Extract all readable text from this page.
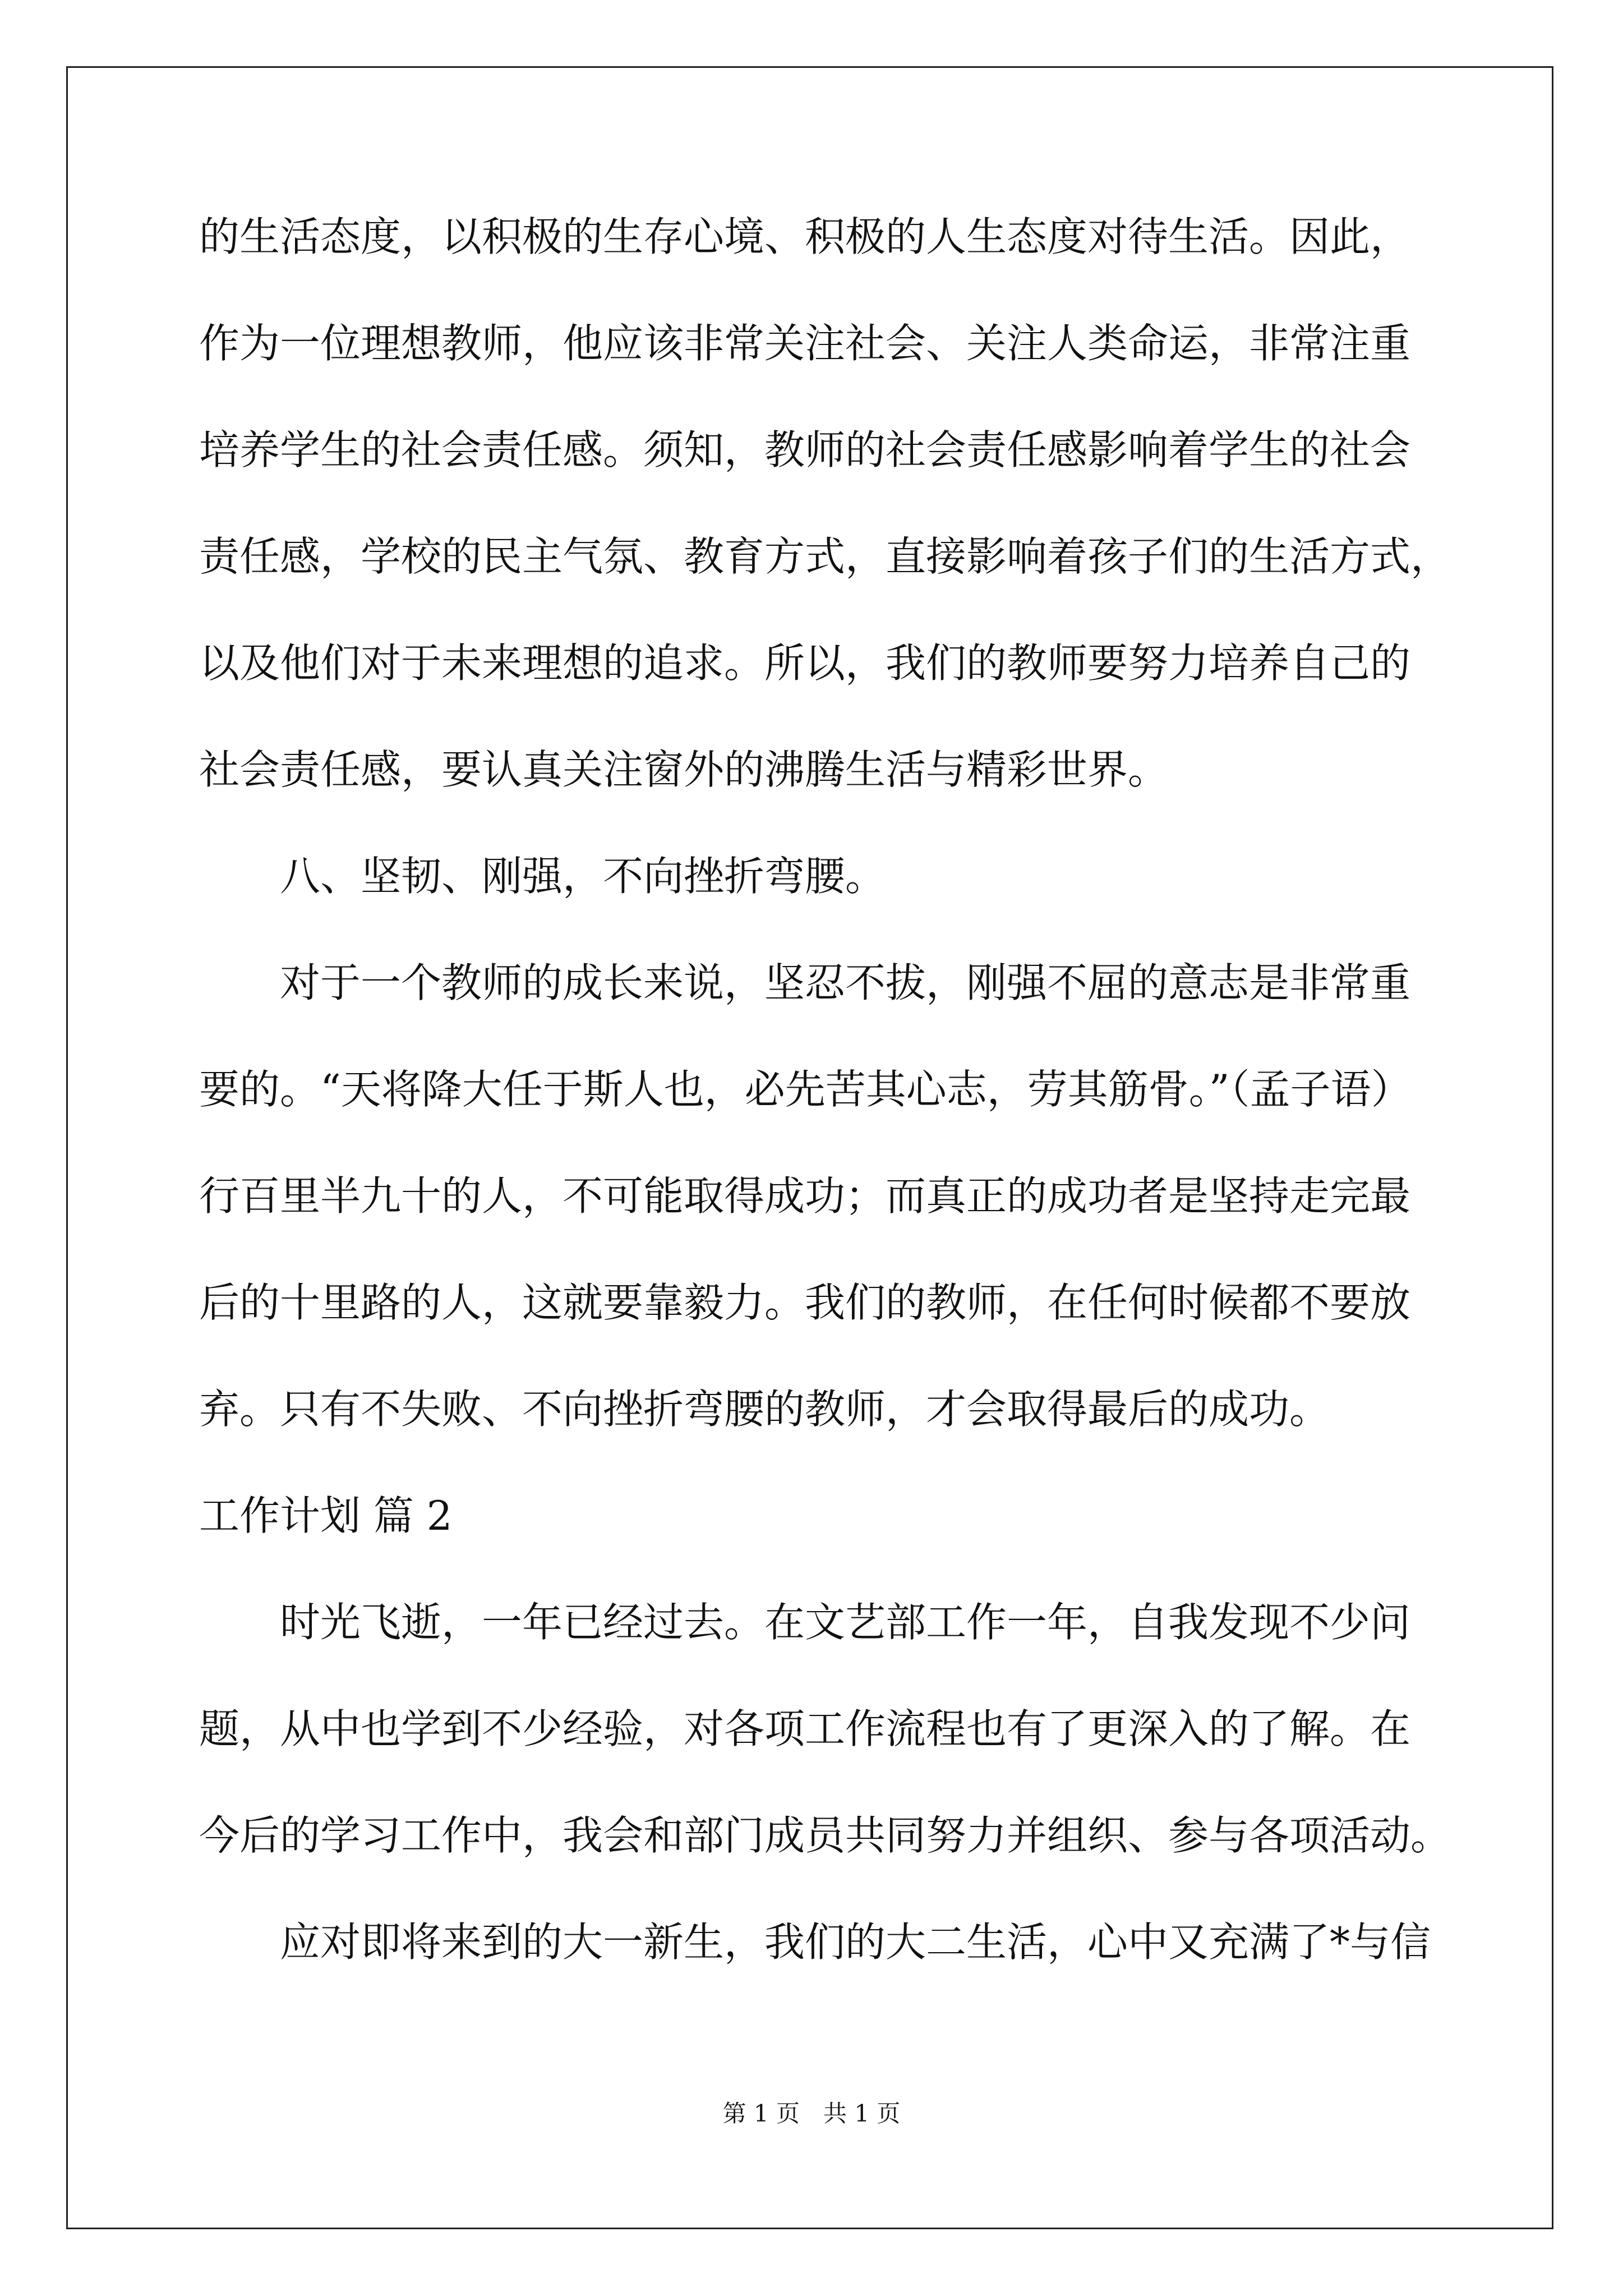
的生活态度，以积极的生存心境、积极的人生态度对待生活。因此，
作为一位理想教师，他应该非常关注社会、关注人类命运，非常注重
培养学生的社会责任感。须知，教师的社会责任感影响着学生的社会
责任感，学校的民主气氛、教育方式，直接影响着孩子们的生活方式，
以及他们对于未来理想的追求。所以，我们的教师要努力培养自己的
社会责任感，要认真关注窗外的沸腾生活与精彩世界。
八、坚韧、刚强，不向挫折弯腰。
对于一个教师的成长来说，坚忍不拔，刚强不屈的意志是非常重
要的。“天将降大任于斯人也，必先苦其心志，劳其筋骨。”（孟子语）
行百里半九十的人，不可能取得成功；而真正的成功者是坚持走完最
后的十里路的人，这就要靠毅力。我们的教师，在任何时候都不要放
弃。只有不失败、不向挫折弯腰的教师，才会取得最后的成功。
工作计划 篇 2
时光飞逝，一年已经过去。在文艺部工作一年，自我发现不少问
题，从中也学到不少经验，对各项工作流程也有了更深入的了解。在
今后的学习工作中，我会和部门成员共同努力并组织、参与各项活动。
应对即将来到的大一新生，我们的大二生活，心中又充满了*与信
第 1 页　共 1 页
